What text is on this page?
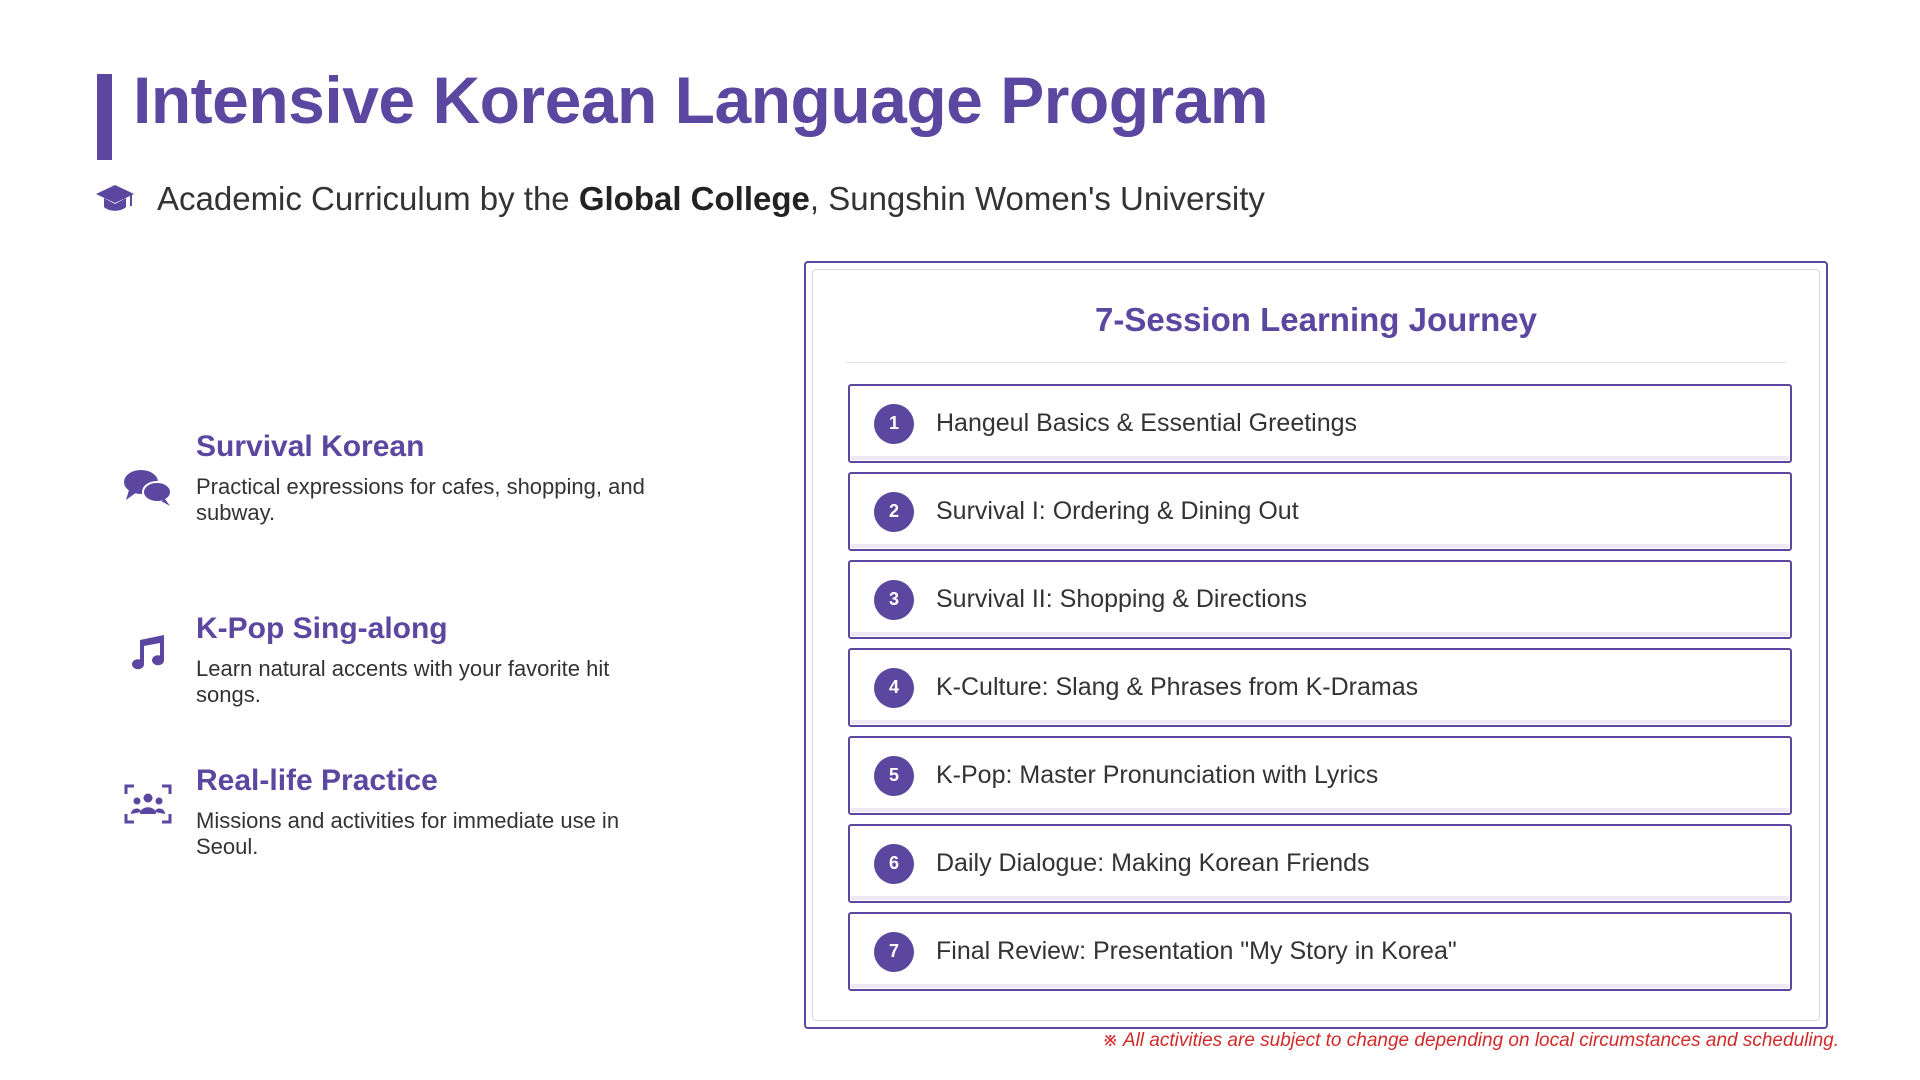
Intensive Korean Language Program
Academic Curriculum by the Global College , Sungshin Women's University
Survival Korean
Practical expressions for cafes, shopping, and subway.
K-Pop Sing-along
Learn natural accents with your favorite hit songs.
Real-life Practice
Missions and activities for immediate use in Seoul.
7-Session Learning Journey
1	Hangeul Basics & Essential Greetings
2	Survival I: Ordering & Dining Out
3	Survival II: Shopping & Directions
4	K-Culture: Slang & Phrases from K-Dramas
5	K-Pop: Master Pronunciation with Lyrics
6	Daily Dialogue: Making Korean Friends
7	Final Review: Presentation "My Story in Korea"
※ All activities are subject to change depending on local circumstances and scheduling.
